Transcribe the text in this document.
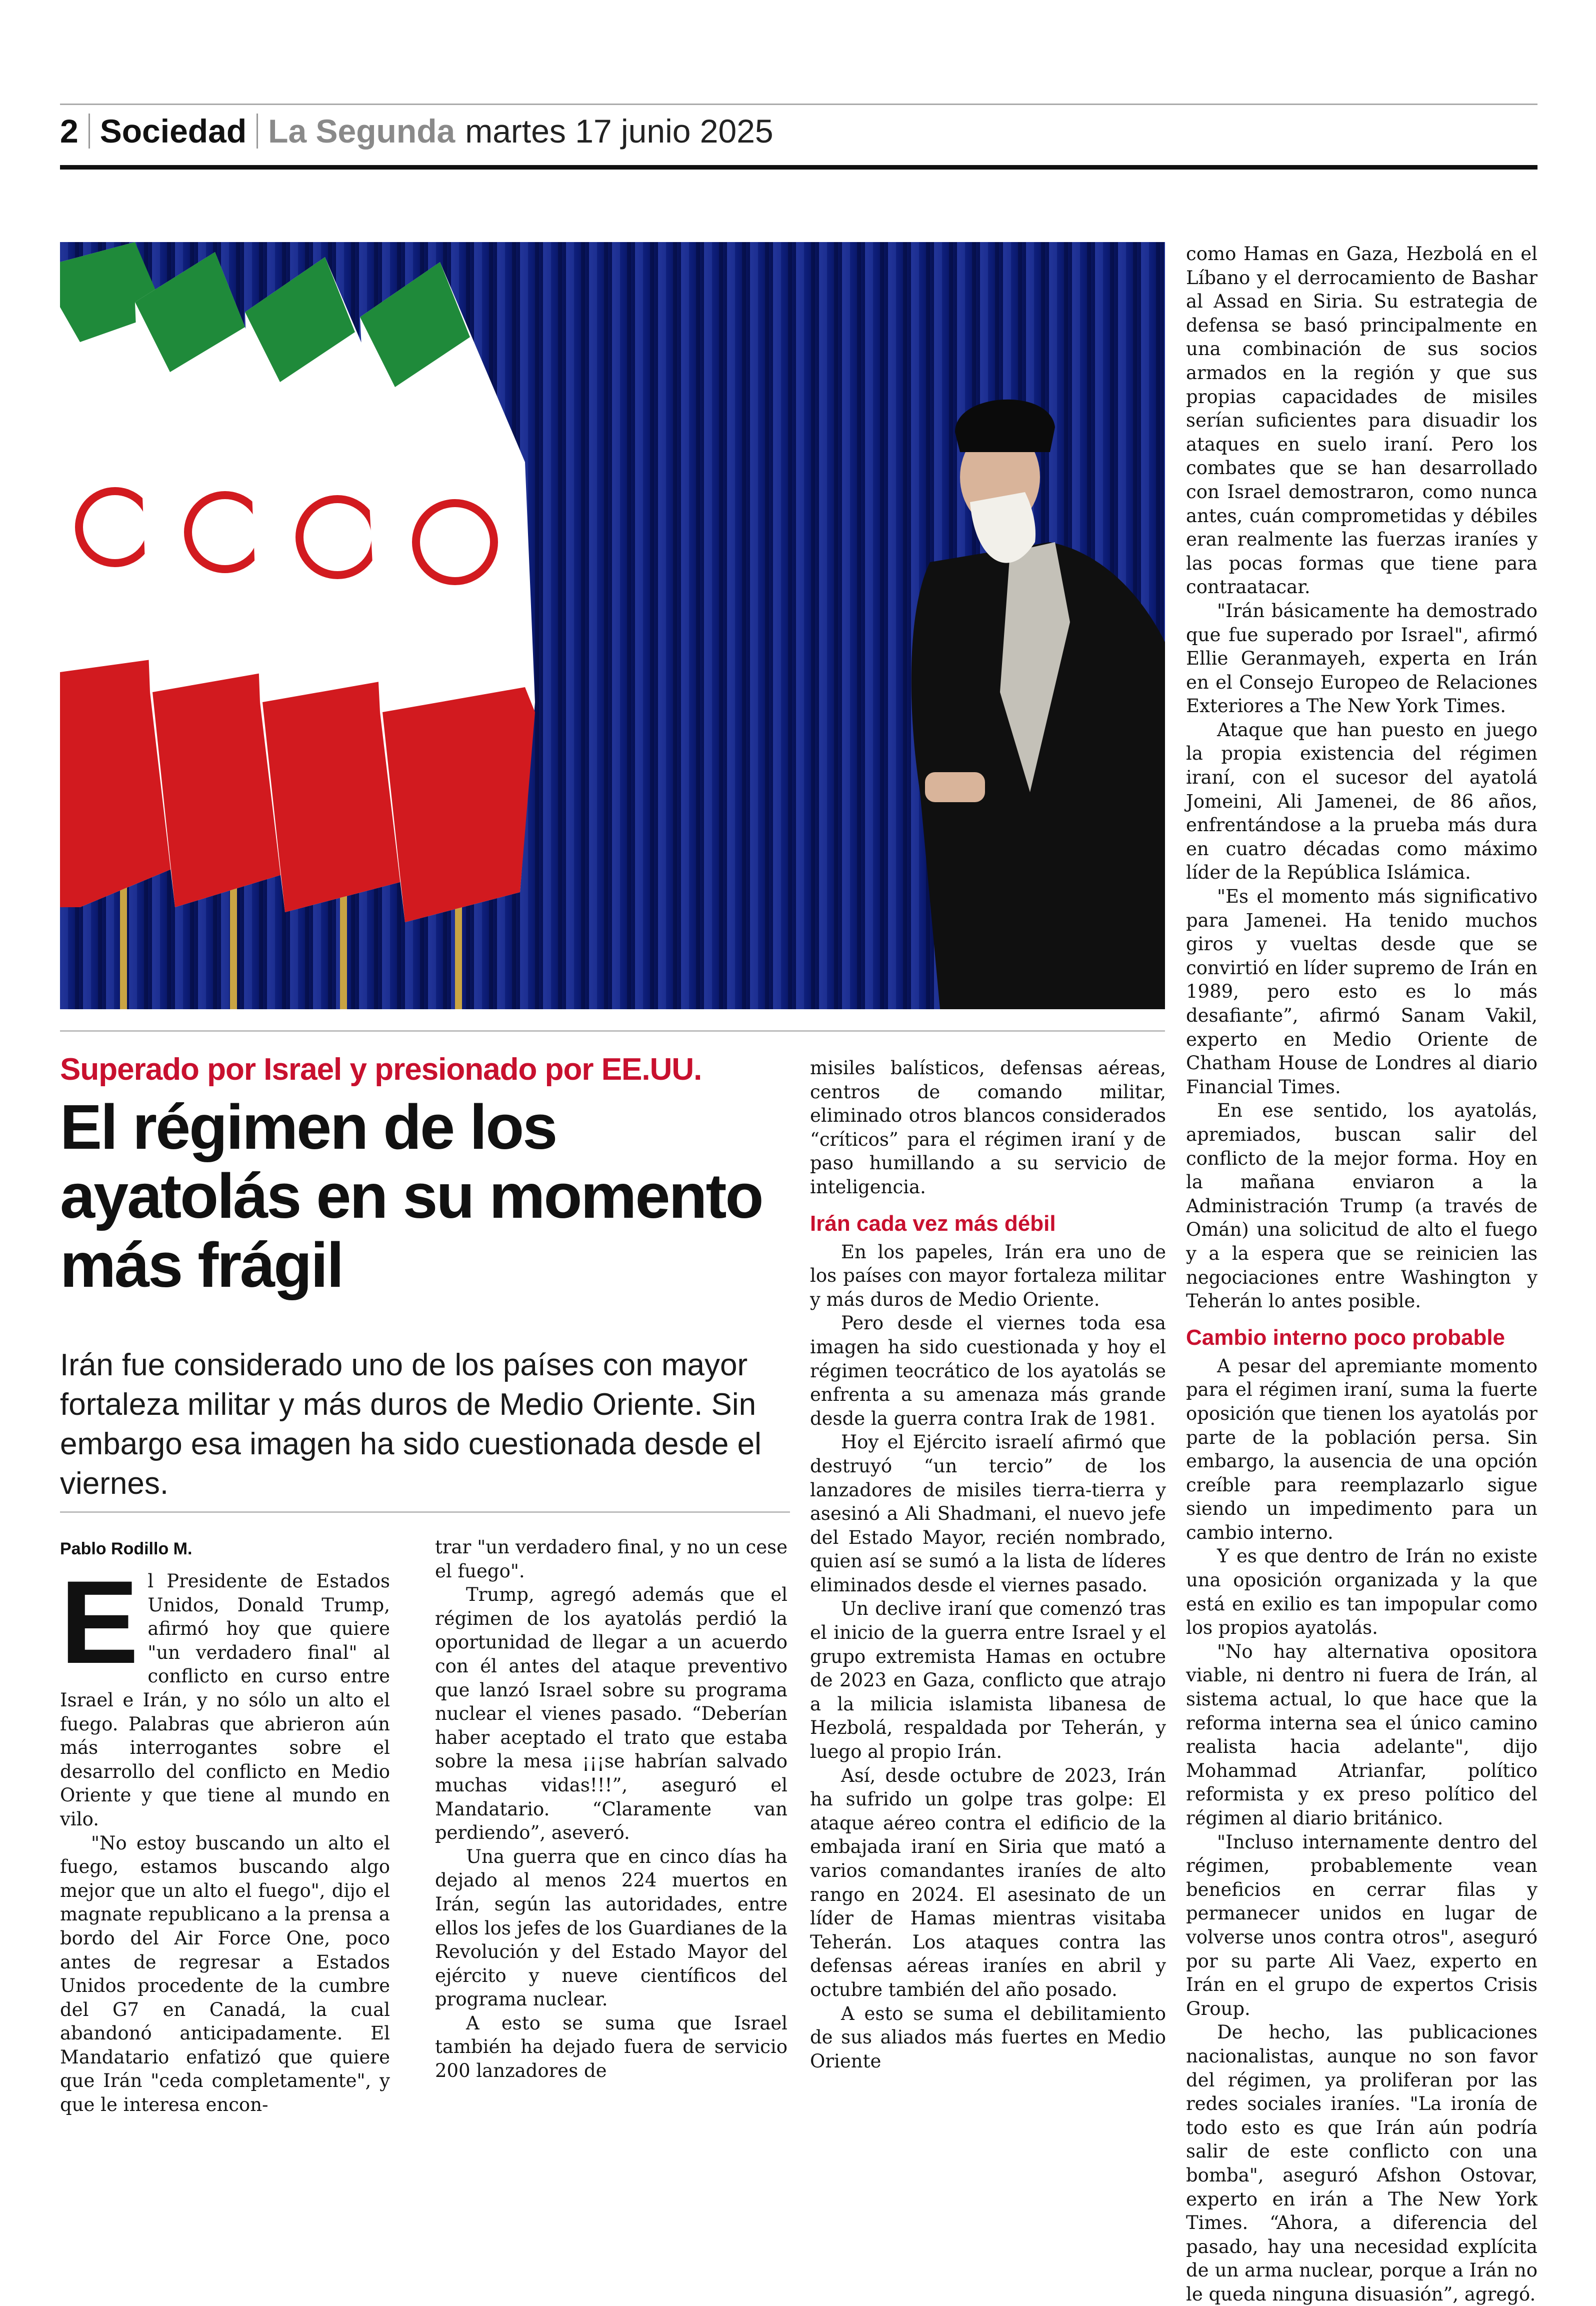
2 Sociedad La Segunda martes 17 junio 2025
Superado por Israel y presionado por EE.UU.
El régimen de los ayatolás en su momento más frágil
Irán fue considerado uno de los países con mayor fortaleza militar y más duros de Medio Oriente. Sin embargo esa imagen ha sido cuestionada desde el viernes.
Pablo Rodillo M.

El Presidente de Estados Unidos, Donald Trump, afirmó hoy que quiere "un verdadero final" al conflicto en curso entre Israel e Irán, y no sólo un alto el fuego. Palabras que abrieron aún más interrogantes sobre el desarrollo del conflicto en Medio Oriente y que tiene al mundo en vilo.

"No estoy buscando un alto el fuego, estamos buscando algo mejor que un alto el fuego", dijo el magnate republicano a la prensa a bordo del Air Force One, poco antes de regresar a Estados Unidos procedente de la cumbre del G7 en Canadá, la cual abandonó anticipadamente. El Mandatario enfatizó que quiere que Irán "ceda completamente", y que le interesa encon-

trar "un verdadero final, y no un cese el fuego".

Trump, agregó además que el régimen de los ayatolás perdió la oportunidad de llegar a un acuerdo con él antes del ataque preventivo que lanzó Israel sobre su programa nuclear el vienes pasado. “Deberían haber aceptado el trato que estaba sobre la mesa ¡¡¡se habrían salvado muchas vidas!!!”, aseguró el Mandatario. “Claramente van perdiendo”, aseveró.

Una guerra que en cinco días ha dejado al menos 224 muertos en Irán, según las autoridades, entre ellos los jefes de los Guardianes de la Revolución y del Estado Mayor del ejército y nueve científicos del programa nuclear.

A esto se suma que Israel también ha dejado fuera de servicio 200 lanzadores de

misiles balísticos, defensas aéreas, centros de comando militar, eliminado otros blancos considerados “críticos” para el régimen iraní y de paso humillando a su servicio de inteligencia.

Irán cada vez más débil

En los papeles, Irán era uno de los países con mayor fortaleza militar y más duros de Medio Oriente.

Pero desde el viernes toda esa imagen ha sido cuestionada y hoy el régimen teocrático de los ayatolás se enfrenta a su amenaza más grande desde la guerra contra Irak de 1981.

Hoy el Ejército israelí afirmó que destruyó “un tercio” de los lanzadores de misiles tierra-tierra y asesinó a Ali Shadmani, el nuevo jefe del Estado Mayor, recién nombrado, quien así se sumó a la lista de líderes eliminados desde el viernes pasado.

Un declive iraní que comenzó tras el inicio de la guerra entre Israel y el grupo extremista Hamas en octubre de 2023 en Gaza, conflicto que atrajo a la milicia islamista libanesa de Hezbolá, respaldada por Teherán, y luego al propio Irán.

Así, desde octubre de 2023, Irán ha sufrido un golpe tras golpe: El ataque aéreo contra el edificio de la embajada iraní en Siria que mató a varios comandantes iraníes de alto rango en 2024. El asesinato de un líder de Hamas mientras visitaba Teherán. Los ataques contra las defensas aéreas iraníes en abril y octubre también del año posado.

A esto se suma el debilitamiento de sus aliados más fuertes en Medio Oriente

como Hamas en Gaza, Hezbolá en el Líbano y el derrocamiento de Bashar al Assad en Siria. Su estrategia de defensa se basó principalmente en una combinación de sus socios armados en la región y que sus propias capacidades de misiles serían suficientes para disuadir los ataques en suelo iraní. Pero los combates que se han desarrollado con Israel demostraron, como nunca antes, cuán comprometidas y débiles eran realmente las fuerzas iraníes y las pocas formas que tiene para contraatacar.

"Irán básicamente ha demostrado que fue superado por Israel", afirmó Ellie Geranmayeh, experta en Irán en el Consejo Europeo de Relaciones Exteriores a The New York Times.

Ataque que han puesto en juego la propia existencia del régimen iraní, con el sucesor del ayatolá Jomeini, Ali Jamenei, de 86 años, enfrentándose a la prueba más dura en cuatro décadas como máximo líder de la República Islámica.

"Es el momento más significativo para Jamenei. Ha tenido muchos giros y vueltas desde que se convirtió en líder supremo de Irán en 1989, pero esto es lo más desafiante”, afirmó Sanam Vakil, experto en Medio Oriente de Chatham House de Londres al diario Financial Times.

En ese sentido, los ayatolás, apremiados, buscan salir del conflicto de la mejor forma. Hoy en la mañana enviaron a la Administración Trump (a través de Omán) una solicitud de alto el fuego y a la espera que se reinicien las negociaciones entre Washington y Teherán lo antes posible.

Cambio interno poco probable

A pesar del apremiante momento para el régimen iraní, suma la fuerte oposición que tienen los ayatolás por parte de la población persa. Sin embargo, la ausencia de una opción creíble para reemplazarlo sigue siendo un impedimento para un cambio interno.

Y es que dentro de Irán no existe una oposición organizada y la que está en exilio es tan impopular como los propios ayatolás.

"No hay alternativa opositora viable, ni dentro ni fuera de Irán, al sistema actual, lo que hace que la reforma interna sea el único camino realista hacia adelante", dijo Mohammad Atrianfar, político reformista y ex preso político del régimen al diario británico.

"Incluso internamente dentro del régimen, probablemente vean beneficios en cerrar filas y permanecer unidos en lugar de volverse unos contra otros", aseguró por su parte Ali Vaez, experto en Irán en el grupo de expertos Crisis Group.

De hecho, las publicaciones nacionalistas, aunque no son favor del régimen, ya proliferan por las redes sociales iraníes. "La ironía de todo esto es que Irán aún podría salir de este conflicto con una bomba", aseguró Afshon Ostovar, experto en irán a The New York Times. “Ahora, a diferencia del pasado, hay una necesidad explícita de un arma nuclear, porque a Irán no le queda ninguna disuasión”, agregó.
